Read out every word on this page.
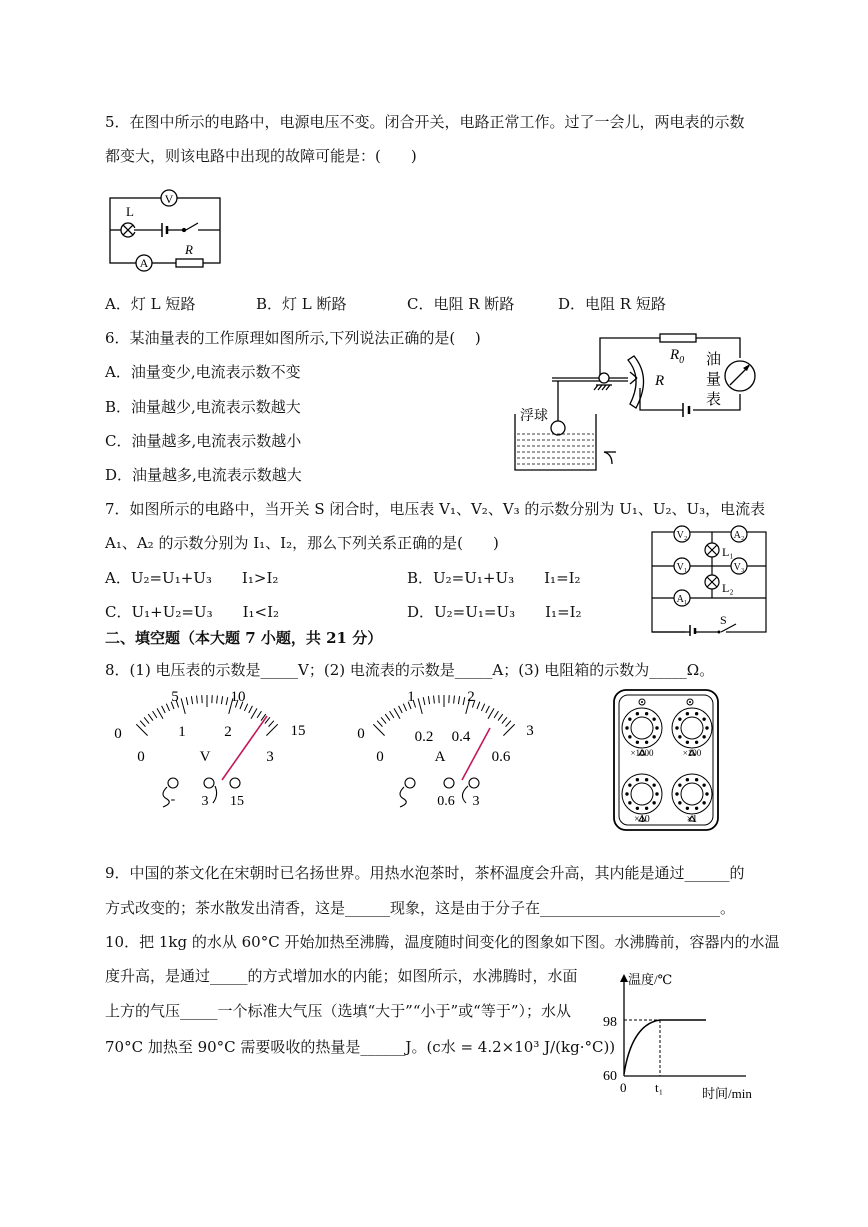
5．在图中所示的电路中，电源电压不变。闭合开关，电路正常工作。过了一会儿，两电表的示数
都变大，则该电路中出现的故障可能是：(　　)
V
L
A
R
A．灯 L 短路	B．灯 L 断路	C．电阻 R 断路	D．电阻 R 短路
6．某油量表的工作原理如图所示,下列说法正确的是(　 )
A．油量变少,电流表示数不变
B．油量越少,电流表示数越大
C．油量越多,电流表示数越小
D．油量越多,电流表示数越大
$R_0$
R
油
量
表
浮球
7．如图所示的电路中，当开关 S 闭合时，电压表 V₁、V₂、V₃ 的示数分别为 U₁、U₂、U₃，电流表
A₁、A₂ 的示数分别为 I₁、I₂，那么下列关系正确的是(　　)
A．U₂=U₁+U₃　　I₁>I₂	B．U₂=U₁+U₃　　I₁=I₂
C．U₁+U₂=U₃　　I₁<I₂	D．U₂=U₁=U₃　　I₁=I₂
V₂	A₂
L₁
V₁	V₃
L₂
A₁
S
二、填空题（本大题 7 小题，共 21 分）
8．(1) 电压表的示数是_____V；(2) 电流表的示数是_____A；(3) 电阻箱的示数为_____Ω。
0
5	10
15
0
1	2
3
V
- 3 15
0
1	2
3
0
0.2 0.4
0.6
A
0.6 3
×1000	×100
×10	×1
9．中国的茶文化在宋朝时已名扬世界。用热水泡茶时，茶杯温度会升高，其内能是通过______的
方式改变的；茶水散发出清香，这是______现象，这是由于分子在________________________。
10．把 1kg 的水从 60°C 开始加热至沸腾，温度随时间变化的图象如下图。水沸腾前，容器内的水温
度升高，是通过_____的方式增加水的内能；如图所示，水沸腾时，水面
上方的气压_____一个标准大气压（选填“大于”“小于”或“等于”）；水从
70°C 加热至 90°C 需要吸收的热量是______J。(c水 = 4.2×10³ J/(kg·°C))
温度/℃
98
60
0 t₁	时间/min
